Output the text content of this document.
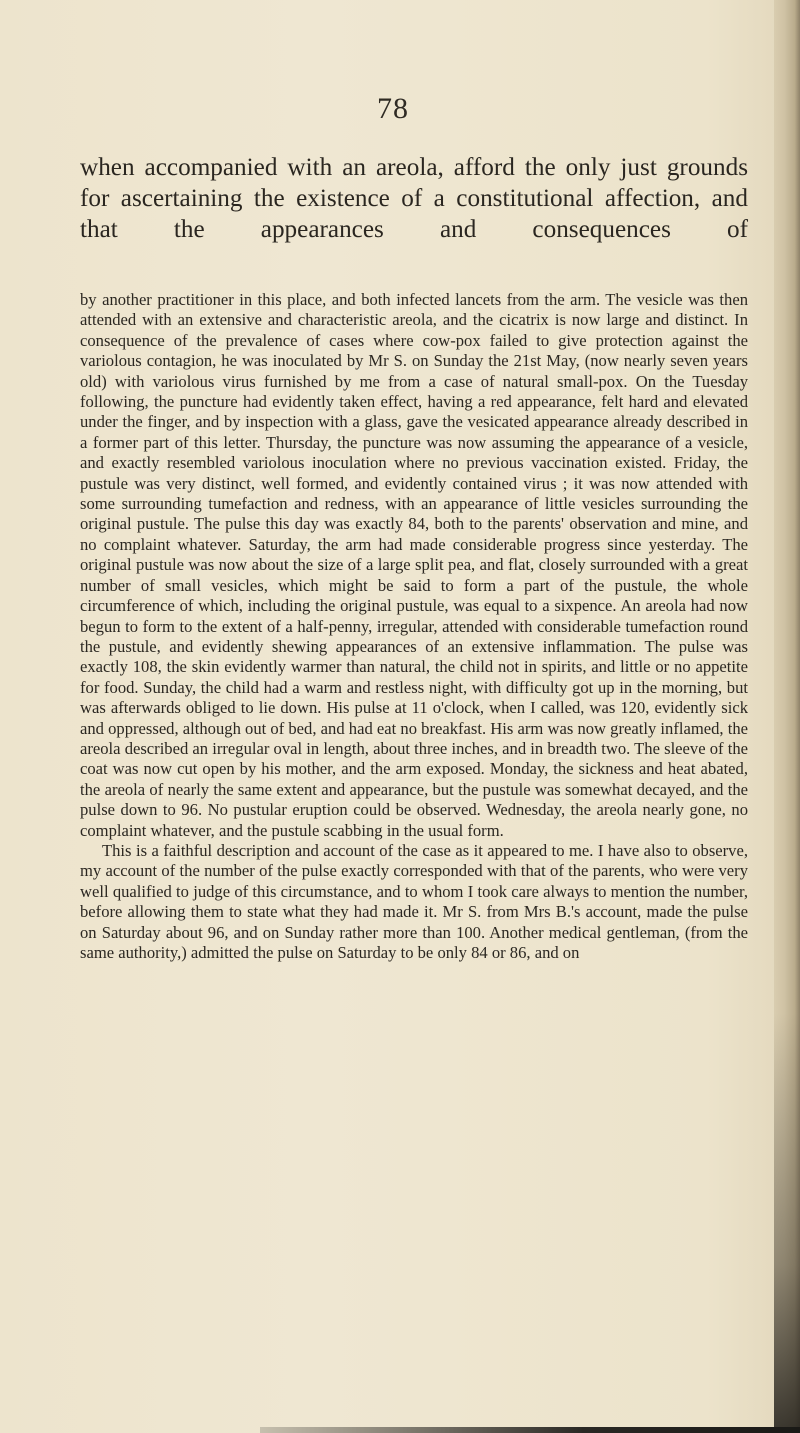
78
when accompanied with an areola, afford the only just grounds for ascertaining the existence of a constitutional affection, and that the appearances and consequences of

by another practitioner in this place, and both infected lancets from the arm. The vesicle was then attended with an extensive and characteristic areola, and the cicatrix is now large and distinct. In consequence of the prevalence of cases where cow-pox failed to give protection against the variolous contagion, he was inoculated by Mr S. on Sunday the 21st May, (now nearly seven years old) with variolous virus furnished by me from a case of natural small-pox. On the Tuesday following, the puncture had evidently taken effect, having a red appearance, felt hard and elevated under the finger, and by inspection with a glass, gave the vesicated appearance already described in a former part of this letter. Thursday, the puncture was now assuming the appearance of a vesicle, and exactly resembled variolous inoculation where no previous vaccination existed. Friday, the pustule was very distinct, well formed, and evidently contained virus ; it was now attended with some surrounding tumefaction and redness, with an appearance of little vesicles surrounding the original pustule. The pulse this day was exactly 84, both to the parents' observation and mine, and no complaint whatever. Saturday, the arm had made considerable progress since yesterday. The original pustule was now about the size of a large split pea, and flat, closely surrounded with a great number of small vesicles, which might be said to form a part of the pustule, the whole circumference of which, including the original pustule, was equal to a sixpence. An areola had now begun to form to the extent of a half-penny, irregular, attended with considerable tumefaction round the pustule, and evidently shewing appearances of an extensive inflammation. The pulse was exactly 108, the skin evidently warmer than natural, the child not in spirits, and little or no appetite for food. Sunday, the child had a warm and restless night, with difficulty got up in the morning, but was afterwards obliged to lie down. His pulse at 11 o'clock, when I called, was 120, evidently sick and oppressed, although out of bed, and had eat no breakfast. His arm was now greatly inflamed, the areola described an irregular oval in length, about three inches, and in breadth two. The sleeve of the coat was now cut open by his mother, and the arm exposed. Monday, the sickness and heat abated, the areola of nearly the same extent and appearance, but the pustule was somewhat decayed, and the pulse down to 96. No pustular eruption could be observed. Wednesday, the areola nearly gone, no complaint whatever, and the pustule scabbing in the usual form.

This is a faithful description and account of the case as it appeared to me. I have also to observe, my account of the number of the pulse exactly corresponded with that of the parents, who were very well qualified to judge of this circumstance, and to whom I took care always to mention the number, before allowing them to state what they had made it. Mr S. from Mrs B.'s account, made the pulse on Saturday about 96, and on Sunday rather more than 100. Another medical gentleman, (from the same authority,) admitted the pulse on Saturday to be only 84 or 86, and on
